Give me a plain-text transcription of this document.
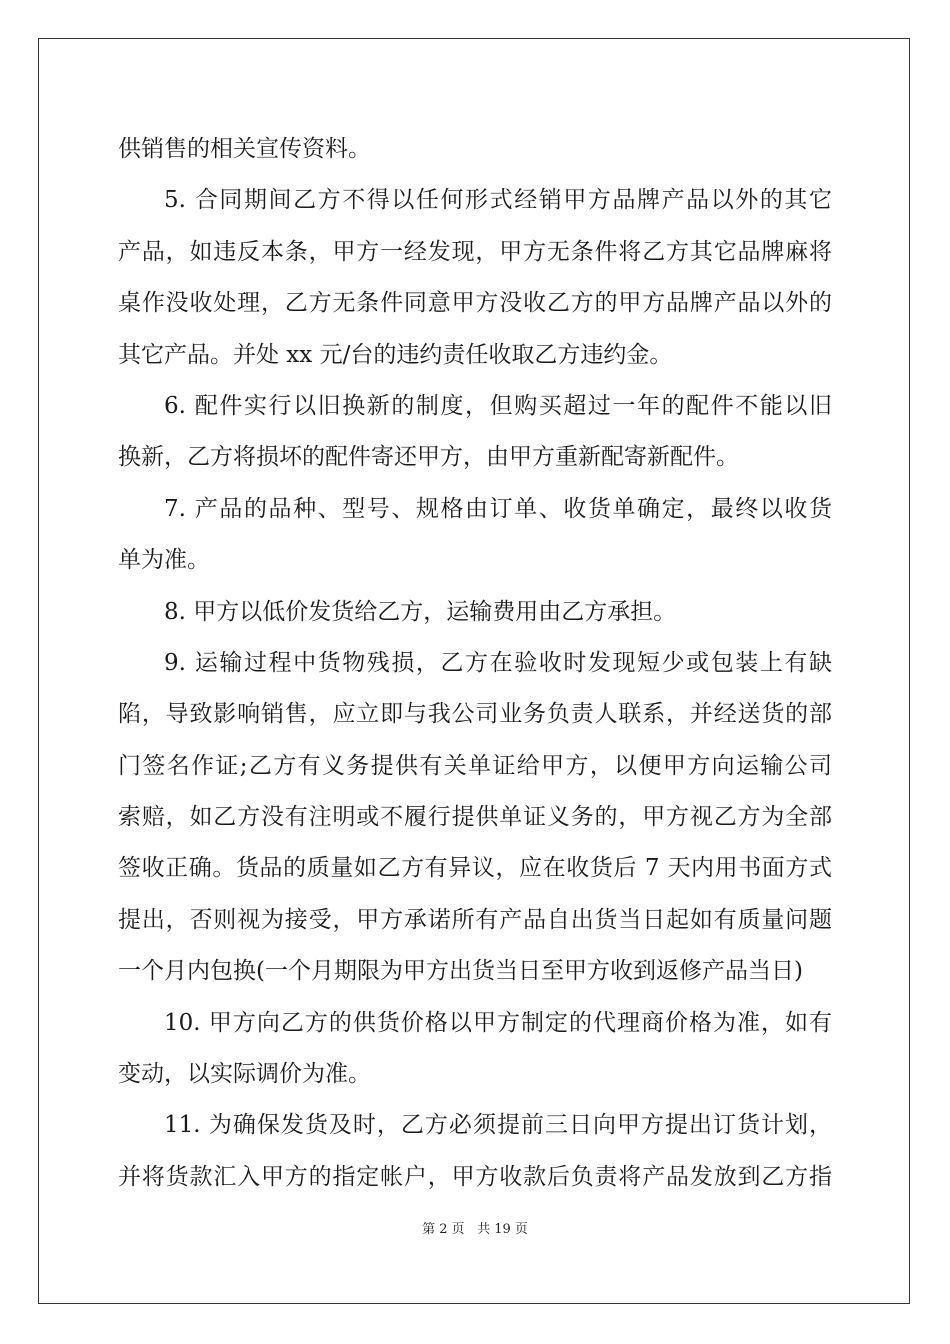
供销售的相关宣传资料。
5. 合同期间乙方不得以任何形式经销甲方品牌产品以外的其它
产品，如违反本条，甲方一经发现，甲方无条件将乙方其它品牌麻将
桌作没收处理，乙方无条件同意甲方没收乙方的甲方品牌产品以外的
其它产品。并处 xx 元/台的违约责任收取乙方违约金。
6. 配件实行以旧换新的制度，但购买超过一年的配件不能以旧
换新，乙方将损坏的配件寄还甲方，由甲方重新配寄新配件。
7. 产品的品种、型号、规格由订单、收货单确定，最终以收货
单为准。
8. 甲方以低价发货给乙方，运输费用由乙方承担。
9. 运输过程中货物残损，乙方在验收时发现短少或包装上有缺
陷，导致影响销售，应立即与我公司业务负责人联系，并经送货的部
门签名作证;乙方有义务提供有关单证给甲方，以便甲方向运输公司
索赔，如乙方没有注明或不履行提供单证义务的，甲方视乙方为全部
签收正确。货品的质量如乙方有异议，应在收货后 7 天内用书面方式
提出，否则视为接受，甲方承诺所有产品自出货当日起如有质量问题
一个月内包换(一个月期限为甲方出货当日至甲方收到返修产品当日)
10. 甲方向乙方的供货价格以甲方制定的代理商价格为准，如有
变动，以实际调价为准。
11. 为确保发货及时，乙方必须提前三日向甲方提出订货计划，
并将货款汇入甲方的指定帐户，甲方收款后负责将产品发放到乙方指
第 2 页 共 19 页
